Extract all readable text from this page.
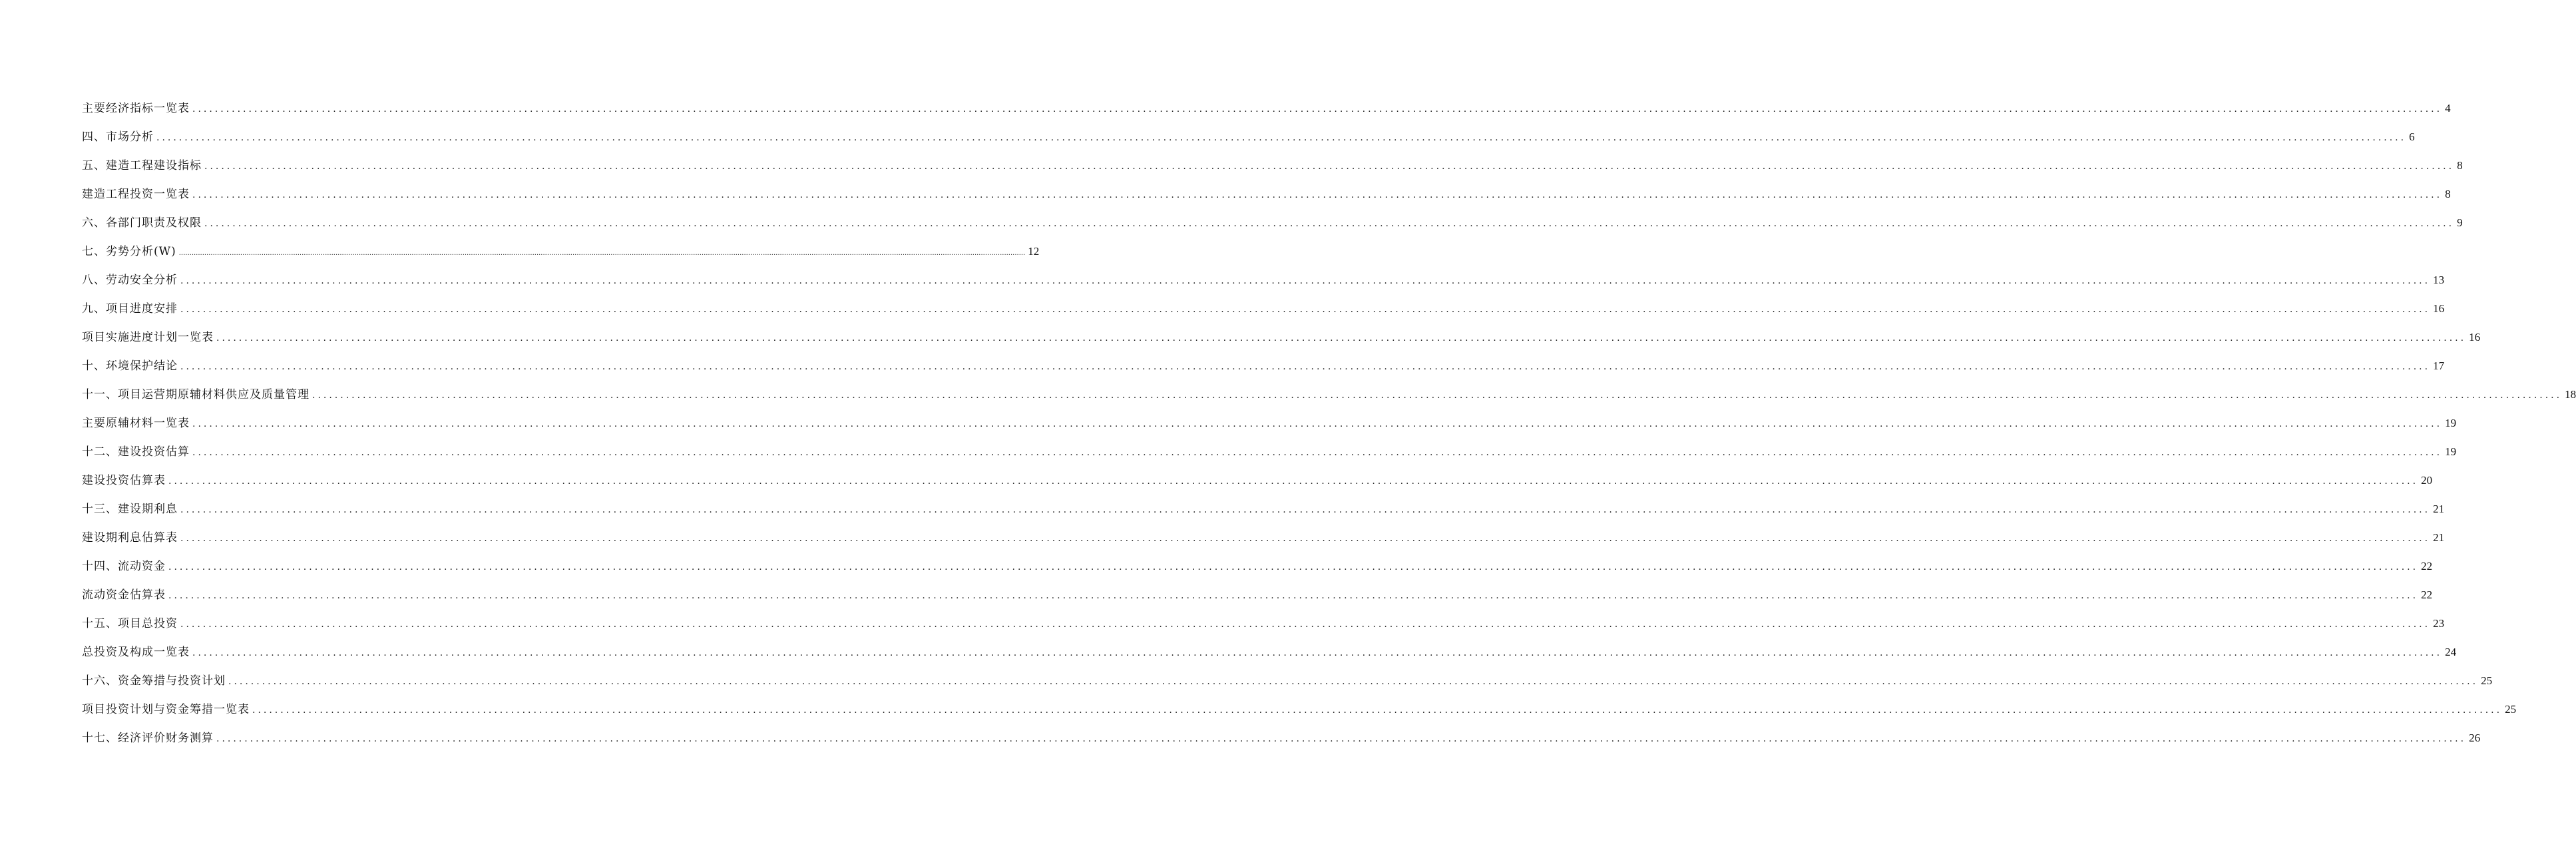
主要经济指标一览表 ................................................................................................................................................................................................................................................................................................................................................................................................................ 4
四、市场分析 ................................................................................................................................................................................................................................................................................................................................................................................................................ 6
五、建造工程建设指标 ................................................................................................................................................................................................................................................................................................................................................................................................................ 8
建造工程投资一览表 ................................................................................................................................................................................................................................................................................................................................................................................................................ 8
六、各部门职责及权限 ................................................................................................................................................................................................................................................................................................................................................................................................................ 9
七、劣势分析(W) ................................................................................................................................................................................................................................................................................................................................................................................................................ 12
八、劳动安全分析 ................................................................................................................................................................................................................................................................................................................................................................................................................ 13
九、项目进度安排 ................................................................................................................................................................................................................................................................................................................................................................................................................ 16
项目实施进度计划一览表 ................................................................................................................................................................................................................................................................................................................................................................................................................ 16
十、环境保护结论 ................................................................................................................................................................................................................................................................................................................................................................................................................ 17
十一、项目运营期原辅材料供应及质量管理 ................................................................................................................................................................................................................................................................................................................................................................................................................ 18
主要原辅材料一览表 ................................................................................................................................................................................................................................................................................................................................................................................................................ 19
十二、建设投资估算 ................................................................................................................................................................................................................................................................................................................................................................................................................ 19
建设投资估算表 ................................................................................................................................................................................................................................................................................................................................................................................................................ 20
十三、建设期利息 ................................................................................................................................................................................................................................................................................................................................................................................................................ 21
建设期利息估算表 ................................................................................................................................................................................................................................................................................................................................................................................................................ 21
十四、流动资金 ................................................................................................................................................................................................................................................................................................................................................................................................................ 22
流动资金估算表 ................................................................................................................................................................................................................................................................................................................................................................................................................ 22
十五、项目总投资 ................................................................................................................................................................................................................................................................................................................................................................................................................ 23
总投资及构成一览表 ................................................................................................................................................................................................................................................................................................................................................................................................................ 24
十六、资金筹措与投资计划 ................................................................................................................................................................................................................................................................................................................................................................................................................ 25
项目投资计划与资金筹措一览表 ................................................................................................................................................................................................................................................................................................................................................................................................................ 25
十七、经济评价财务测算 ................................................................................................................................................................................................................................................................................................................................................................................................................ 26
